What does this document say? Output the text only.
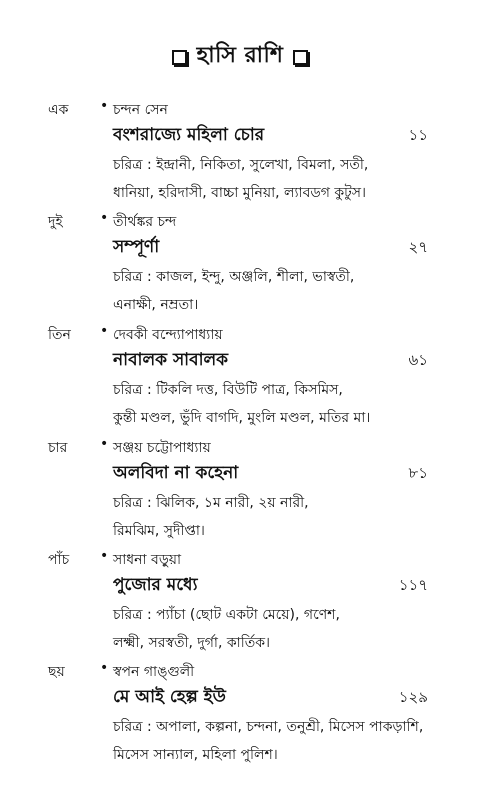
হাসি রাশি
এক • চন্দন সেন
বংশরাজ্যে মহিলা চোর	১১
চরিত্র : ইন্দ্রানী, নিকিতা, সুলেখা, বিমলা, সতী,
ধানিয়া, হরিদাসী, বাচ্চা মুনিয়া, ল্যাবডগ কুটুস।
দুই	• তীর্থঙ্কর চন্দ
সম্পূর্ণা	২৭
চরিত্র : কাজল, ইন্দু, অঞ্জলি, শীলা, ভাস্বতী,
এনাক্ষী, নম্রতা।
তিন • দেবকী বন্দ্যোপাধ্যায়
নাবালক সাবালক	৬১
চরিত্র : টিকলি দত্ত, বিউটি পাত্র, কিসমিস,
কুন্তী মণ্ডল, ভুঁদি বাগদি, মুংলি মণ্ডল, মতির মা।
চার • সঞ্জয় চট্টোপাধ্যায়
অলবিদা না কহেনা	৮১
চরিত্র : ঝিলিক, ১ম নারী, ২য় নারী,
রিমঝিম, সুদীপ্তা।
পাঁচ • সাধনা বড়ুয়া
পুজোর মধ্যে	১১৭
চরিত্র : প্যাঁচা (ছোট একটা মেয়ে), গণেশ,
লক্ষ্মী, সরস্বতী, দুর্গা, কার্তিক।
ছয়	• স্বপন গাঙ্গুলী
মে আই হেল্প ইউ	১২৯
চরিত্র : অপালা, কল্পনা, চন্দনা, তনুশ্রী, মিসেস পাকড়াশি,
মিসেস সান্যাল, মহিলা পুলিশ।
